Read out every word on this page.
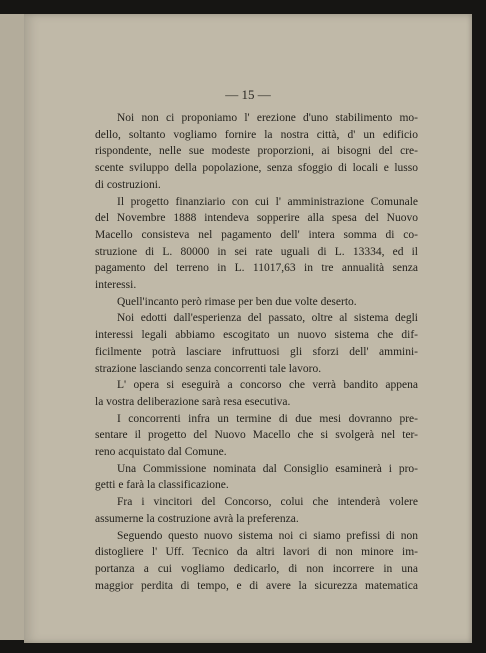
— 15 —
Noi non ci proponiamo l' erezione d'uno stabilimento mo-
dello, soltanto vogliamo fornire la nostra città, d' un edificio
rispondente, nelle sue modeste proporzioni, ai bisogni del cre-
scente sviluppo della popolazione, senza sfoggio di locali e lusso
di costruzioni.
Il progetto finanziario con cui l' amministrazione Comunale
del Novembre 1888 intendeva sopperire alla spesa del Nuovo
Macello consisteva nel pagamento dell' intera somma di co-
struzione di L. 80000 in sei rate uguali di L. 13334, ed il
pagamento del terreno in L. 11017,63 in tre annualità senza
interessi.
Quell'incanto però rimase per ben due volte deserto.
Noi edotti dall'esperienza del passato, oltre al sistema degli
interessi legali abbiamo escogitato un nuovo sistema che dif-
ficilmente potrà lasciare infruttuosi gli sforzi dell' ammini-
strazione lasciando senza concorrenti tale lavoro.
L' opera si eseguirà a concorso che verrà bandito appena
la vostra deliberazione sarà resa esecutiva.
I concorrenti infra un termine di due mesi dovranno pre-
sentare il progetto del Nuovo Macello che si svolgerà nel ter-
reno acquistato dal Comune.
Una Commissione nominata dal Consiglio esaminerà i pro-
getti e farà la classificazione.
Fra i vincitori del Concorso, colui che intenderà volere
assumerne la costruzione avrà la preferenza.
Seguendo questo nuovo sistema noi ci siamo prefissi di non
distogliere l' Uff. Tecnico da altri lavori di non minore im-
portanza a cui vogliamo dedicarlo, di non incorrere in una
maggior perdita di tempo, e di avere la sicurezza matematica
